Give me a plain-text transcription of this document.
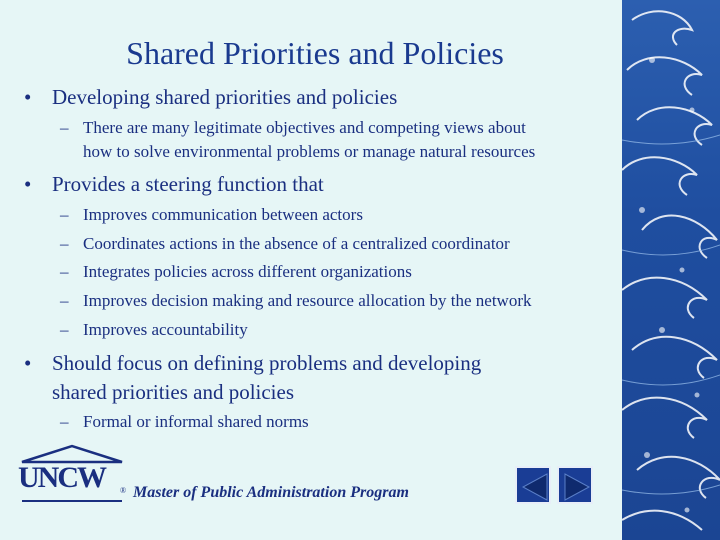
Shared Priorities and Policies
• Developing shared priorities and policies
– There are many legitimate objectives and competing views about
how to solve environmental problems or manage natural resources
• Provides a steering function that
– Improves communication between actors
– Coordinates actions in the absence of a centralized coordinator
– Integrates policies across different organizations
– Improves decision making and resource allocation by the network
– Improves accountability
• Should focus on defining problems and developing
shared priorities and policies
– Formal or informal shared norms
UNCW ® Master of Public Administration Program
